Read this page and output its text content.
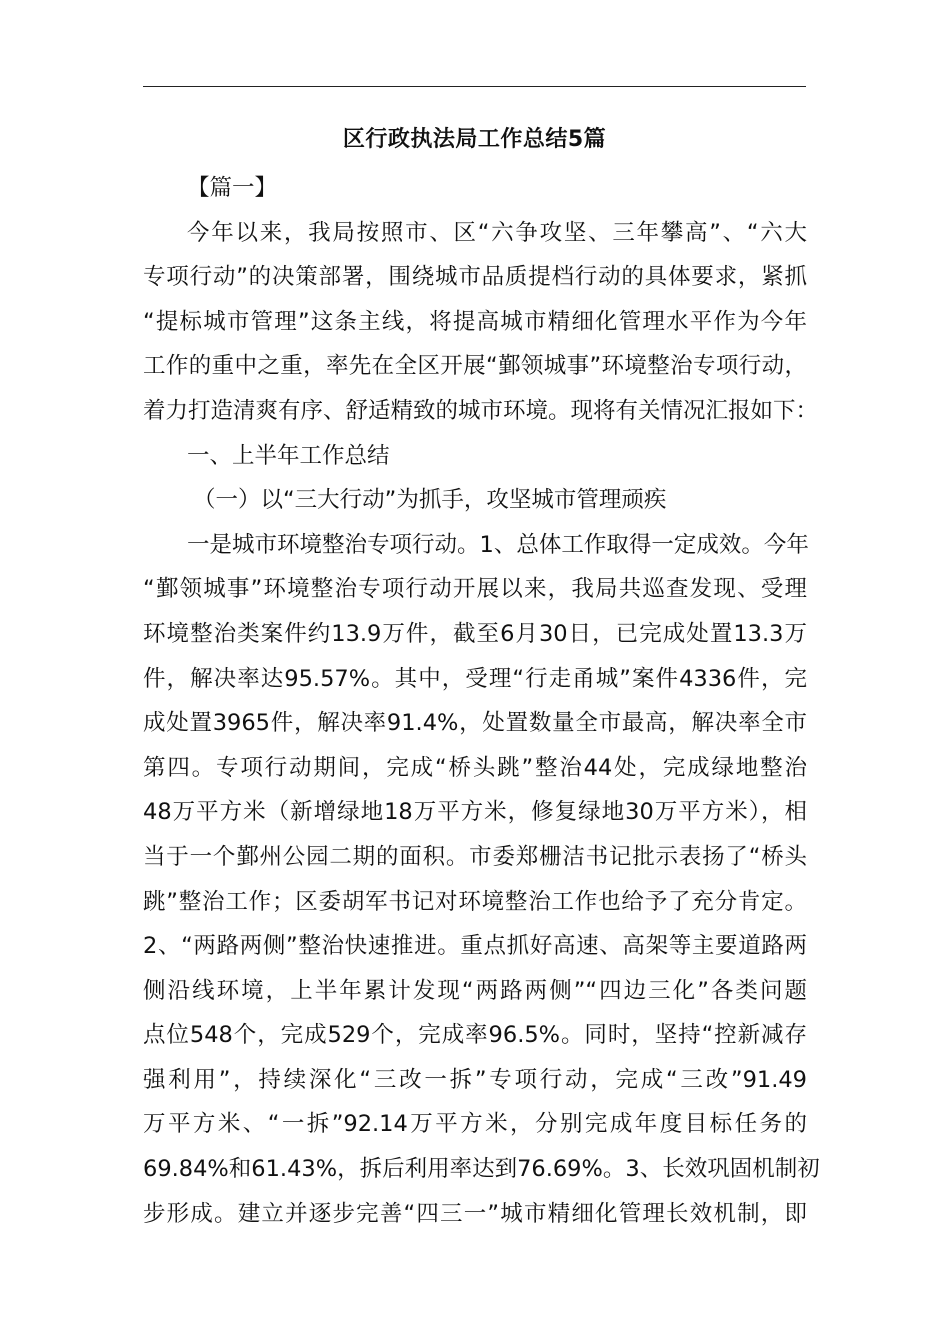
区行政执法局工作总结5篇
【篇一】
今年以来，我局按照市、区“六争攻坚、三年攀高”、“六大
专项行动”的决策部署，围绕城市品质提档行动的具体要求，紧抓
“提标城市管理”这条主线，将提高城市精细化管理水平作为今年
工作的重中之重，率先在全区开展“鄞领城事”环境整治专项行动，
着力打造清爽有序、舒适精致的城市环境。现将有关情况汇报如下：
一、上半年工作总结
（一）以“三大行动”为抓手，攻坚城市管理顽疾
一是城市环境整治专项行动。1、总体工作取得一定成效。今年
“鄞领城事”环境整治专项行动开展以来，我局共巡查发现、受理
环境整治类案件约13.9万件，截至6月30日，已完成处置13.3万
件，解决率达95.57%。其中，受理“行走甬城”案件4336件，完
成处置3965件，解决率91.4%，处置数量全市最高，解决率全市
第四。专项行动期间，完成“桥头跳”整治44处，完成绿地整治
48万平方米（新增绿地18万平方米，修复绿地30万平方米），相
当于一个鄞州公园二期的面积。市委郑栅洁书记批示表扬了“桥头
跳”整治工作；区委胡军书记对环境整治工作也给予了充分肯定。
2、“两路两侧”整治快速推进。重点抓好高速、高架等主要道路两
侧沿线环境，上半年累计发现“两路两侧”“四边三化”各类问题
点位548个，完成529个，完成率96.5%。同时，坚持“控新减存
强利用”，持续深化“三改一拆”专项行动，完成“三改”91.49
万平方米、“一拆”92.14万平方米，分别完成年度目标任务的
69.84%和61.43%，拆后利用率达到76.69%。3、长效巩固机制初
步形成。建立并逐步完善“四三一”城市精细化管理长效机制，即
